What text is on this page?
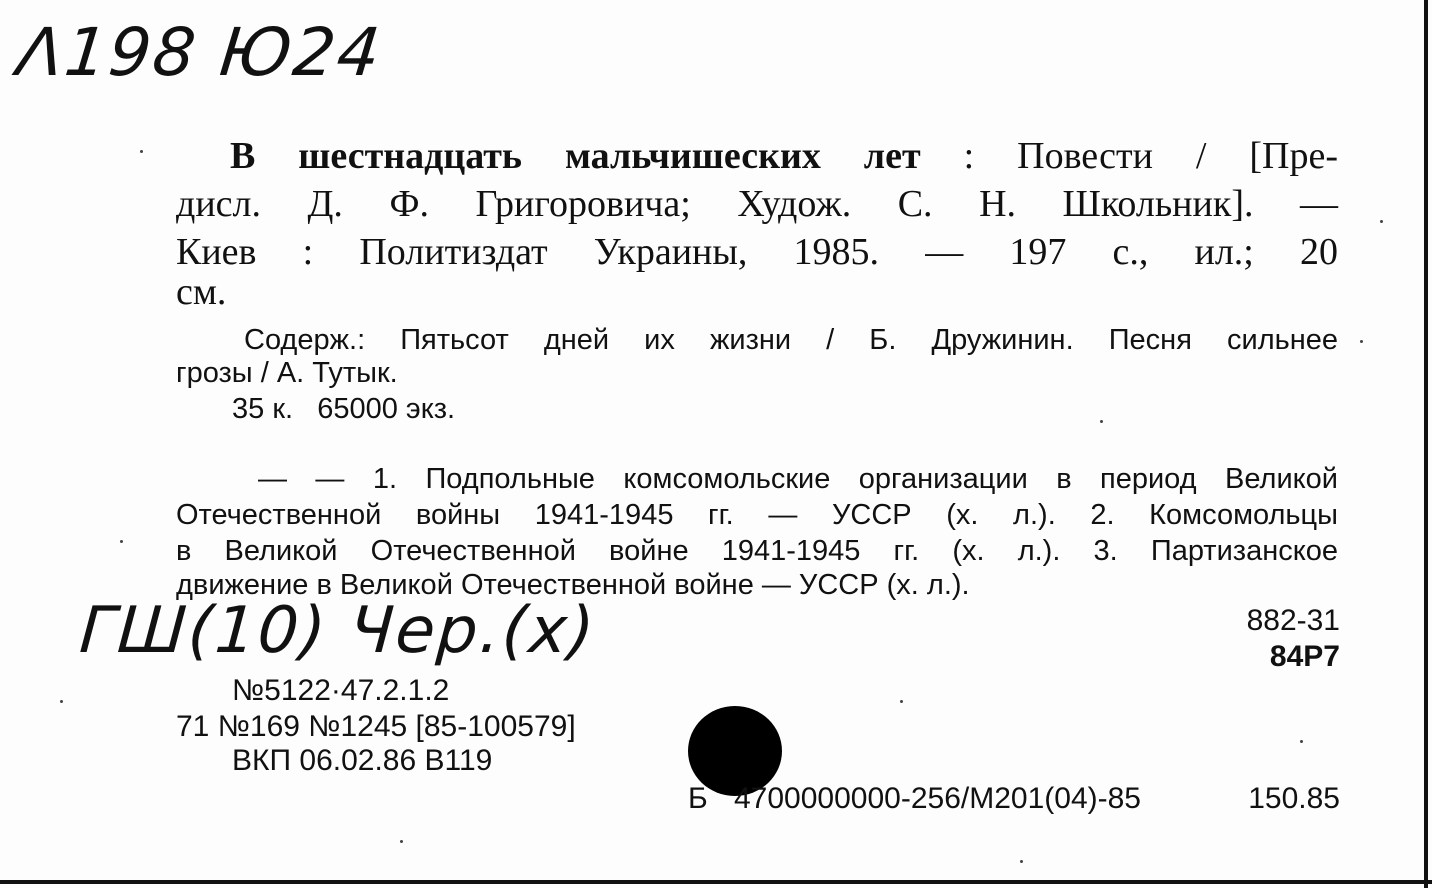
Λ198 Ю24
В шестнадцать мальчишеских лет : Повести / [Пре-
дисл. Д. Ф. Григоровича; Худож. С. Н. Школьник]. —
Киев : Политиздат Украины, 1985. — 197 с., ил.; 20
см.
Содерж.: Пятьсот дней их жизни / Б. Дружинин. Песня сильнее
грозы / А. Тутык.
35 к.   65000 экз.
— — 1. Подпольные комсомольские организации в период Великой
Отечественной войны 1941-1945 гг. — УССР (х. л.). 2. Комсомольцы
в Великой Отечественной войне 1941-1945 гг. (х. л.). 3. Партизанское
движение в Великой Отечественной войне — УССР (х. л.).
882-31
84Р7
ГШ(10) Чер.(x)
№5122·47.2.1.2
71 №169 №1245 [85-100579]
ВКП 06.02.86 В119
Б 4700000000-256/М201(04)-85	150.85
